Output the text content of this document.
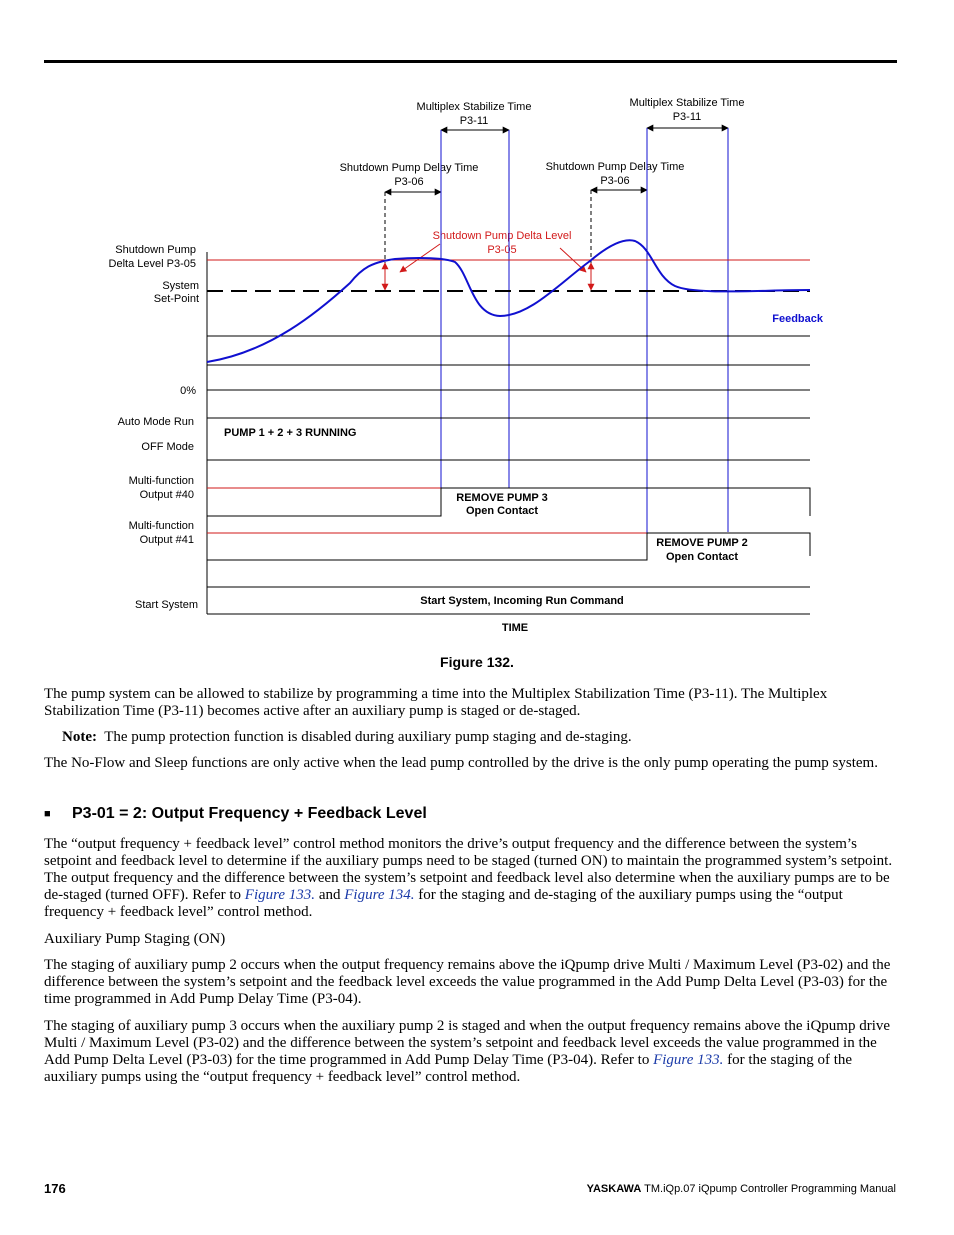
Multiplex Stabilize Time
P3-11
Multiplex Stabilize Time
P3-11
Shutdown Pump Delay Time
P3-06
Shutdown Pump Delay Time
P3-06
Shutdown Pump Delta Level
P3-05
Shutdown Pump
Delta Level P3-05
System
Set-Point
0%
Auto Mode Run
OFF Mode
Multi-function
Output #40
Multi-function
Output #41
Start System
Feedback
PUMP 1 + 2 + 3 RUNNING
REMOVE PUMP 3
Open Contact
REMOVE PUMP 2
Open Contact
Start System, Incoming Run Command
TIME
Figure 132.

The pump system can be allowed to stabilize by programming a time into the Multiplex Stabilization Time (P3-11). The Multiplex Stabilization Time (P3-11) becomes active after an auxiliary pump is staged or de-staged.

Note: The pump protection function is disabled during auxiliary pump staging and de-staging.

The No-Flow and Sleep functions are only active when the lead pump controlled by the drive is the only pump operating the pump system.

■ P3-01 = 2: Output Frequency + Feedback Level

The “output frequency + feedback level” control method monitors the drive’s output frequency and the difference between the system’s setpoint and feedback level to determine if the auxiliary pumps need to be staged (turned ON) to maintain the programmed system’s setpoint. The output frequency and the difference between the system’s setpoint and feedback level also determine when the auxiliary pumps are to be de-staged (turned OFF). Refer to Figure 133. and Figure 134. for the staging and de-staging of the auxiliary pumps using the “output frequency + feedback level” control method.

Auxiliary Pump Staging (ON)

The staging of auxiliary pump 2 occurs when the output frequency remains above the iQpump drive Multi / Maximum Level (P3-02) and the difference between the system’s setpoint and the feedback level exceeds the value programmed in the Add Pump Delta Level (P3-03) for the time programmed in Add Pump Delay Time (P3-04).

The staging of auxiliary pump 3 occurs when the auxiliary pump 2 is staged and when the output frequency remains above the iQpump drive Multi / Maximum Level (P3-02) and the difference between the system’s setpoint and feedback level exceeds the value programmed in the Add Pump Delta Level (P3-03) for the time programmed in Add Pump Delay Time (P3-04). Refer to Figure 133. for the staging of the auxiliary pumps using the “output frequency + feedback level” control method.

176	YASKAWA TM.iQp.07 iQpump Controller Programming Manual
